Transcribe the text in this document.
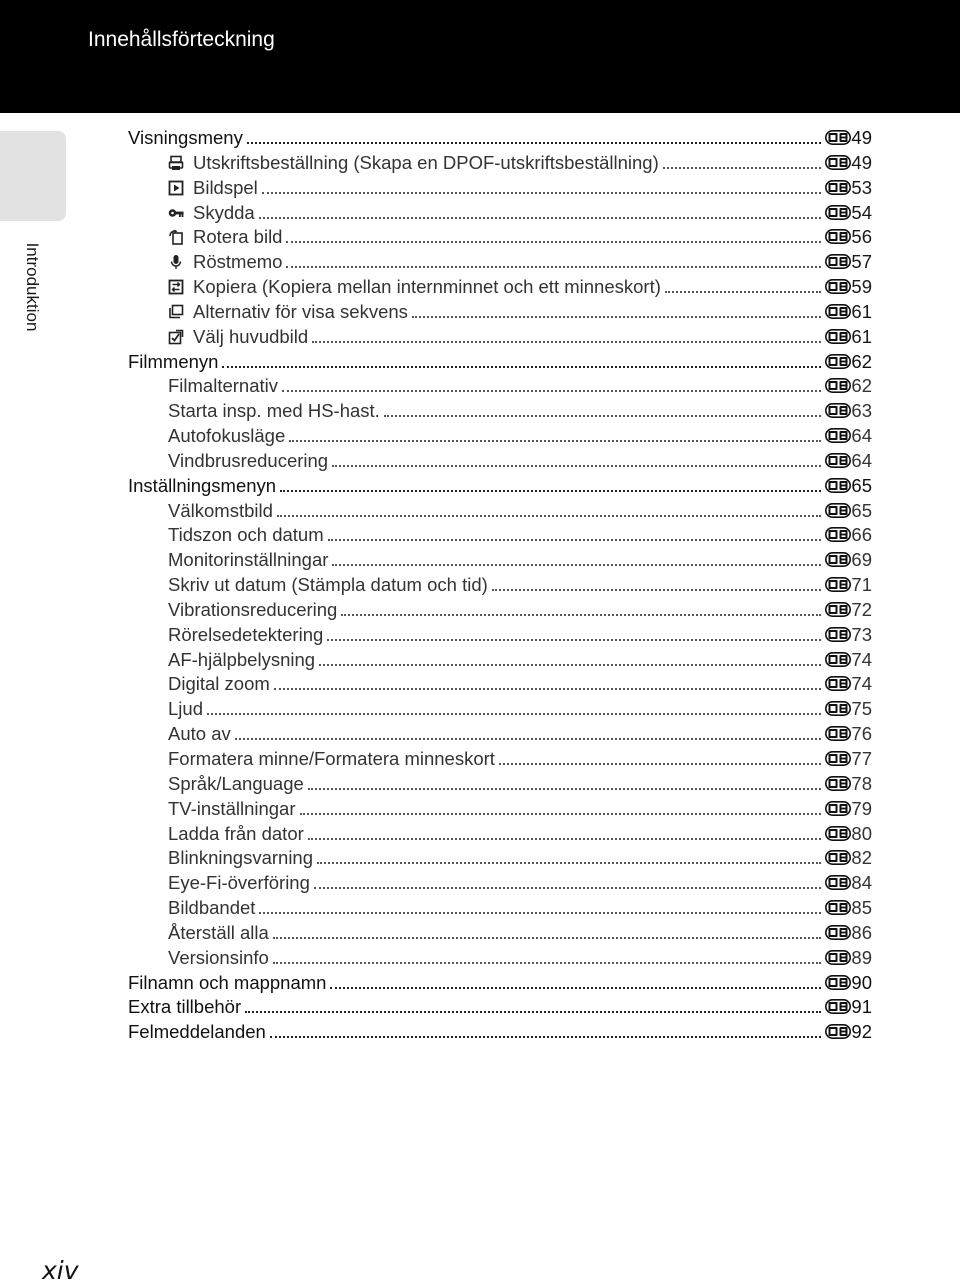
Innehållsförteckning
Introduktion
Visningsmeny	49
Utskriftsbeställning (Skapa en DPOF-utskriftsbeställning)	49
Bildspel	53
Skydda	54
Rotera bild	56
Röstmemo	57
Kopiera (Kopiera mellan internminnet och ett minneskort)	59
Alternativ för visa sekvens	61
Välj huvudbild	61
Filmmenyn	62
Filmalternativ	62
Starta insp. med HS-hast.	63
Autofokusläge	64
Vindbrusreducering	64
Inställningsmenyn	65
Välkomstbild	65
Tidszon och datum	66
Monitorinställningar	69
Skriv ut datum (Stämpla datum och tid)	71
Vibrationsreducering	72
Rörelsedetektering	73
AF-hjälpbelysning	74
Digital zoom	74
Ljud	75
Auto av	76
Formatera minne/Formatera minneskort	77
Språk/Language	78
TV-inställningar	79
Ladda från dator	80
Blinkningsvarning	82
Eye-Fi-överföring	84
Bildbandet	85
Återställ alla	86
Versionsinfo	89
Filnamn och mappnamn	90
Extra tillbehör	91
Felmeddelanden	92
xiv
